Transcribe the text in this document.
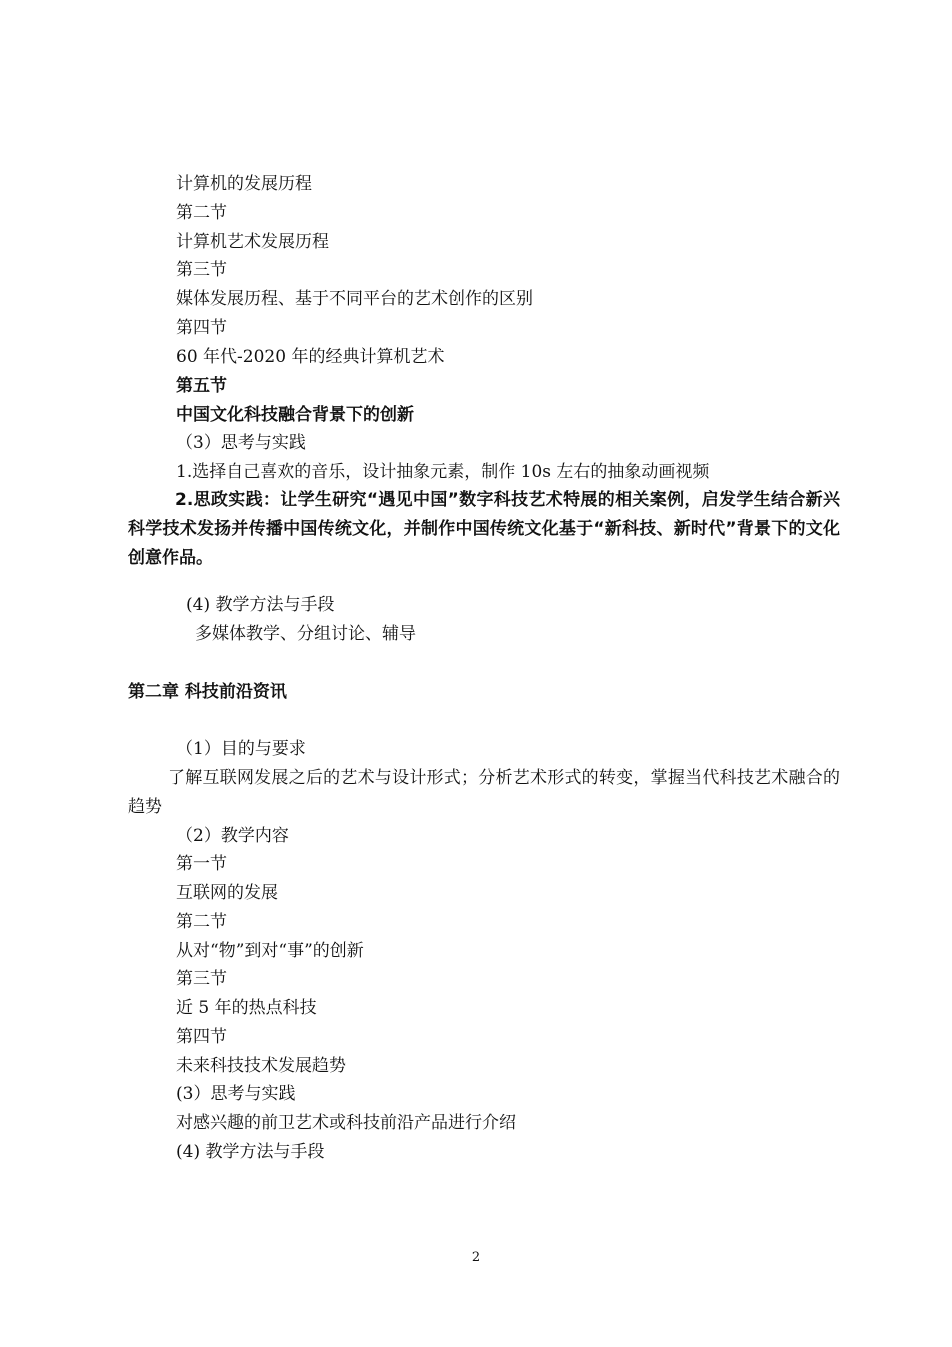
计算机的发展历程
第二节
计算机艺术发展历程
第三节
媒体发展历程、基于不同平台的艺术创作的区别
第四节
60 年代-2020 年的经典计算机艺术
第五节
中国文化科技融合背景下的创新
（3）思考与实践
1.选择自己喜欢的音乐，设计抽象元素，制作 10s 左右的抽象动画视频
2.思政实践：让学生研究“遇见中国”数字科技艺术特展的相关案例，启发学生结合新兴科学技术发扬并传播中国传统文化，并制作中国传统文化基于“新科技、新时代”背景下的文化创意作品。
(4) 教学方法与手段
多媒体教学、分组讨论、辅导
第二章 科技前沿资讯
（1）目的与要求
了解互联网发展之后的艺术与设计形式；分析艺术形式的转变，掌握当代科技艺术融合的趋势
（2）教学内容
第一节
互联网的发展
第二节
从对“物”到对“事”的创新
第三节
近 5 年的热点科技
第四节
未来科技技术发展趋势
(3）思考与实践
对感兴趣的前卫艺术或科技前沿产品进行介绍
(4) 教学方法与手段
2
